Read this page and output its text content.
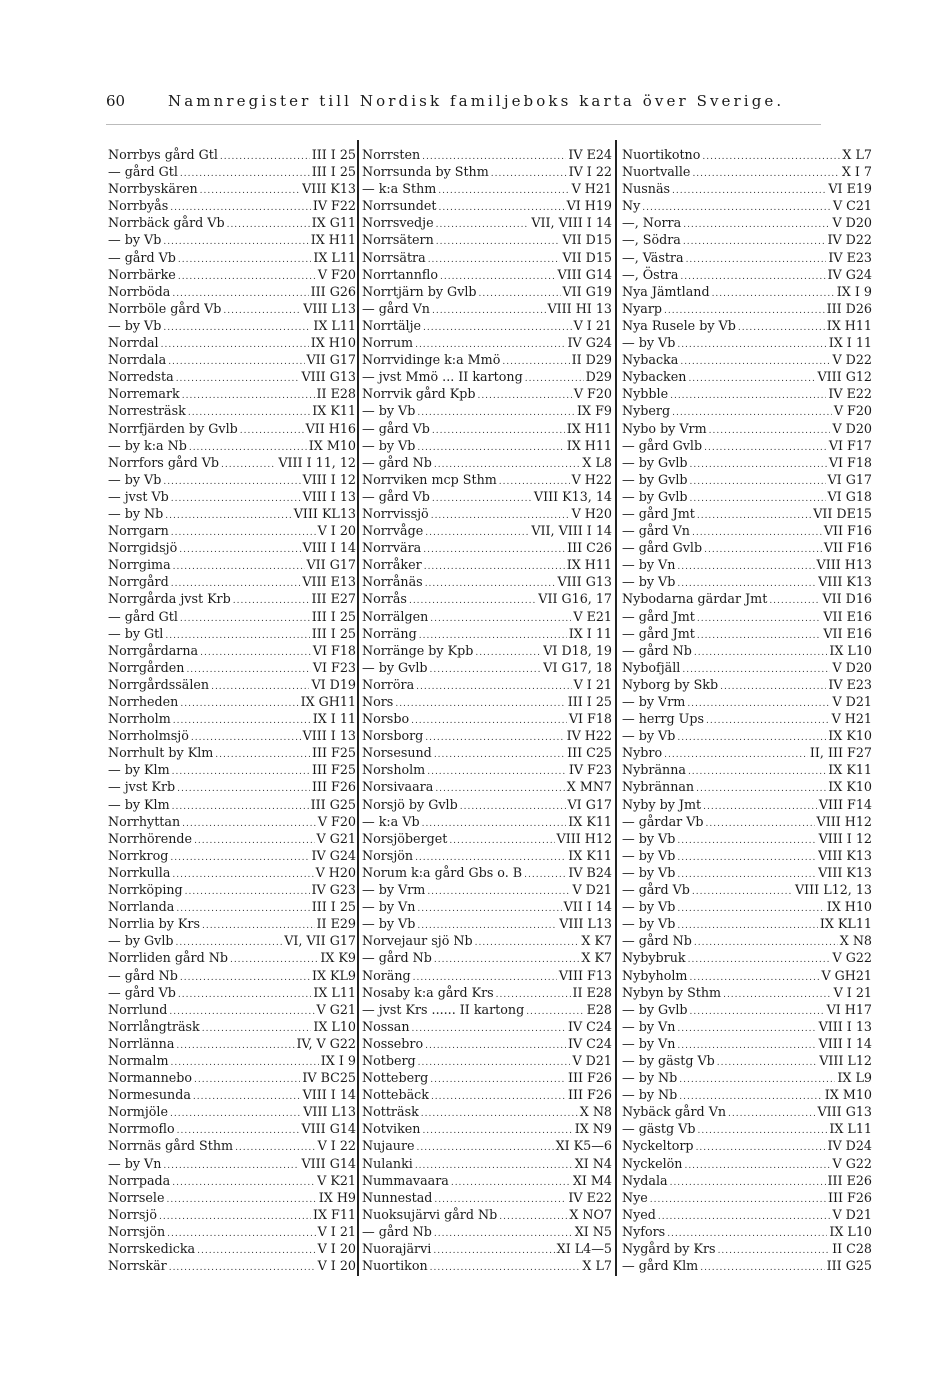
60	Namnregister till Nordisk familjeboks karta över Sverige.
Norrbys gård Gtl .....	III I 25
— gård Gtl .....	III I 25
Norrbyskären .....	VIII K13
Norrbyås .....	IV F22
Norrbäck gård Vb .....	IX G11
— by Vb .....	IX H11
— gård Vb .....	IX L11
Norrbärke .....	V F20
Norrböda .....	III G26
Norrböle gård Vb .....	VIII L13
— by Vb .....	IX L11
Norrdal .....	IX H10
Norrdala .....	VII G17
Norredsta .....	VIII G13
Norremark .....	II E28
Norresträsk .....	IX K11
Norrfjärden by Gvlb .....	VII H16
— by k:a Nb .....	IX M10
Norrfors gård Vb .....	VIII I 11, 12
— by Vb .....	VIII I 12
— jvst Vb .....	VIII I 13
— by Nb .....	VIII KL13
Norrgarn .....	V I 20
Norrgidsjö .....	VIII I 14
Norrgima .....	VII G17
Norrgård .....	VIII E13
Norrgårda jvst Krb .....	III E27
— gård Gtl .....	III I 25
— by Gtl .....	III I 25
Norrgårdarna .....	VI F18
Norrgården .....	VI F23
Norrgårdssälen .....	VI D19
Norrheden .....	IX GH11
Norrholm .....	IX I 11
Norrholmsjö .....	VIII I 13
Norrhult by Klm .....	III F25
— by Klm .....	III F25
— jvst Krb .....	III F26
— by Klm .....	III G25
Norrhyttan .....	V F20
Norrhörende .....	V G21
Norrkrog .....	IV G24
Norrkulla .....	V H20
Norrköping .....	IV G23
Norrlanda .....	III I 25
Norrlia by Krs .....	II E29
— by Gvlb .....	VI, VII G17
Norrliden gård Nb .....	IX K9
— gård Nb .....	IX KL9
— gård Vb .....	IX L11
Norrlund .....	V G21
Norrlångträsk .....	IX L10
Norrlänna .....	IV, V G22
Normalm .....	IX I 9
Normannebo .....	IV BC25
Normesunda .....	VIII I 14
Normjöle .....	VIII L13
Norrmoflo .....	VIII G14
Norrnäs gård Sthm .....	V I 22
— by Vn .....	VIII G14
Norrpada .....	V K21
Norrsele .....	IX H9
Norrsjö .....	IX F11
Norrsjön .....	V I 21
Norrskedicka .....	V I 20
Norrskär .....	V I 20
Norrsten .....	IV E24
Norrsunda by Sthm .....	IV I 22
— k:a Sthm .....	V H21
Norrsundet .....	VI H19
Norrsvedje .....	VII, VIII I 14
Norrsätern .....	VII D15
Norrsätra .....	VII D15
Norrtannflo .....	VIII G14
Norrtjärn by Gvlb .....	VII G19
— gård Vn .....	VIII HI 13
Norrtälje .....	V I 21
Norrum .....	IV G24
Norrvidinge k:a Mmö .....	II D29
— jvst Mmö ... II kartong .....	D29
Norrvik gård Kpb .....	V F20
— by Vb .....	IX F9
— gård Vb .....	IX H11
— by Vb .....	IX H11
— gård Nb .....	X L8
Norrviken mcp Sthm .....	V H22
— gård Vb .....	VIII K13, 14
Norrvissjö .....	V H20
Norrvåge .....	VII, VIII I 14
Norrvära .....	III C26
Norråker .....	IX H11
Norrånäs .....	VIII G13
Norrås .....	VII G16, 17
Norrälgen .....	V E21
Norräng .....	IX I 11
Norränge by Kpb .....	VI D18, 19
— by Gvlb .....	VI G17, 18
Norröra .....	V I 21
Nors .....	III I 25
Norsbo .....	VI F18
Norsborg .....	IV H22
Norsesund .....	III C25
Norsholm .....	IV F23
Norsivaara .....	X MN7
Norsjö by Gvlb .....	VI G17
— k:a Vb .....	IX K11
Norsjöberget .....	VIII H12
Norsjön .....	IX K11
Norum k:a gård Gbs o. B .....	IV B24
— by Vrm .....	V D21
— by Vn .....	VII I 14
— by Vb .....	VIII L13
Norvejaur sjö Nb .....	X K7
— gård Nb .....	X K7
Noräng .....	VIII F13
Nosaby k:a gård Krs .....	II E28
— jvst Krs ...... II kartong .....	E28
Nossan .....	IV C24
Nossebro .....	IV C24
Notberg .....	V D21
Notteberg .....	III F26
Nottebäck .....	III F26
Notträsk .....	X N8
Notviken .....	IX N9
Nujaure .....	XI K5—6
Nulanki .....	XI N4
Nummavaara .....	XI M4
Nunnestad .....	IV E22
Nuoksujärvi gård Nb .....	X NO7
— gård Nb .....	XI N5
Nuorajärvi .....	XI L4—5
Nuortikon .....	X L7
Nuortikotno .....	X L7
Nuortvalle .....	X I 7
Nusnäs .....	VI E19
Ny .....	V C21
—, Norra .....	V D20
—, Södra .....	IV D22
—, Västra .....	IV E23
—, Östra .....	IV G24
Nya Jämtland .....	IX I 9
Nyarp .....	III D26
Nya Rusele by Vb .....	IX H11
— by Vb .....	IX I 11
Nybacka .....	V D22
Nybacken .....	VIII G12
Nybble .....	IV E22
Nyberg .....	V F20
Nybo by Vrm .....	V D20
— gård Gvlb .....	VI F17
— by Gvlb .....	VI F18
— by Gvlb .....	VI G17
— by Gvlb .....	VI G18
— gård Jmt .....	VII DE15
— gård Vn .....	VII F16
— gård Gvlb .....	VII F16
— by Vn .....	VIII H13
— by Vb .....	VIII K13
Nybodarna gärdar Jmt .....	VII D16
— gård Jmt .....	VII E16
— gård Jmt .....	VII E16
— gård Nb .....	IX L10
Nybofjäll .....	V D20
Nyborg by Skb .....	IV E23
— by Vrm .....	V D21
— herrg Ups .....	V H21
— by Vb .....	IX K10
Nybro .....	II, III F27
Nybränna .....	IX K11
Nybrännan .....	IX K10
Nyby by Jmt .....	VIII F14
— gårdar Vb .....	VIII H12
— by Vb .....	VIII I 12
— by Vb .....	VIII K13
— by Vb .....	VIII K13
— gård Vb .....	VIII L12, 13
— by Vb .....	IX H10
— by Vb .....	IX KL11
— gård Nb .....	X N8
Nybybruk .....	V G22
Nybyholm .....	V GH21
Nybyn by Sthm .....	V I 21
— by Gvlb .....	VI H17
— by Vn .....	VIII I 13
— by Vn .....	VIII I 14
— by gästg Vb .....	VIII L12
— by Nb .....	IX L9
— by Nb .....	IX M10
Nybäck gård Vn .....	VIII G13
— gästg Vb .....	IX L11
Nyckeltorp .....	IV D24
Nyckelön .....	V G22
Nydala .....	III E26
Nye .....	III F26
Nyed .....	V D21
Nyfors .....	IX L10
Nygård by Krs .....	II C28
— gård Klm .....	III G25
